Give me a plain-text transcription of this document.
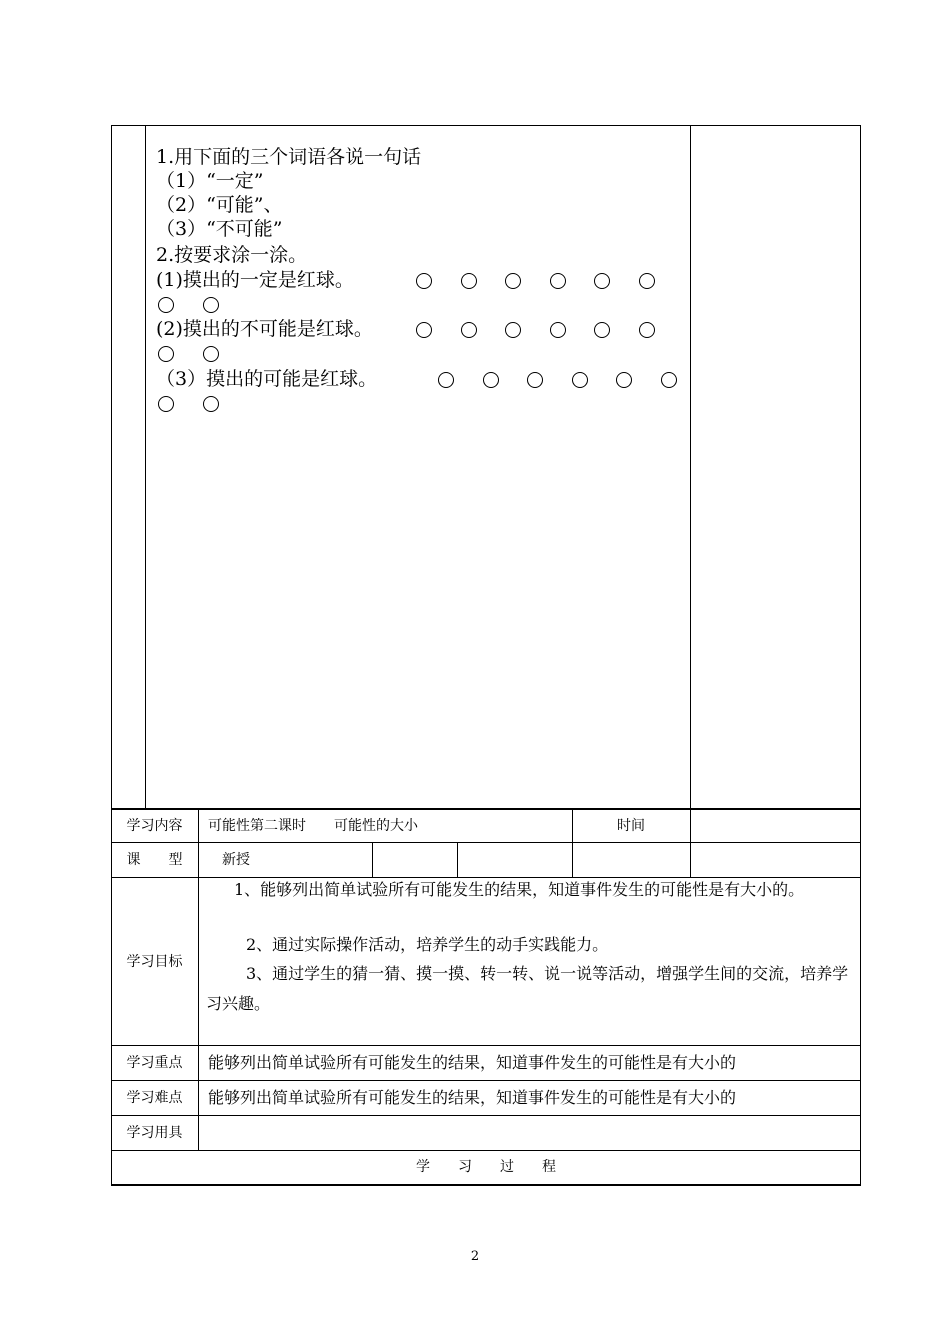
1.用下面的三个词语各说一句话
（1）“一定”
（2）“可能”、
（3）“不可能”
2.按要求涂一涂。
(1)摸出的一定是红球。
(2)摸出的不可能是红球。
（3）摸出的可能是红球。
学习内容	可能性第二课时　　可能性的大小	时间
课　　型	新授
学习目标
1、能够列出简单试验所有可能发生的结果，知道事件发生的可能性是有大小的。
2、通过实际操作活动，培养学生的动手实践能力。
3、通过学生的猜一猜、摸一摸、转一转、说一说等活动，增强学生间的交流，培养学习兴趣。
学习重点	能够列出简单试验所有可能发生的结果，知道事件发生的可能性是有大小的
学习难点	能够列出简单试验所有可能发生的结果，知道事件发生的可能性是有大小的
学习用具
学　　习　　过　　程
2
